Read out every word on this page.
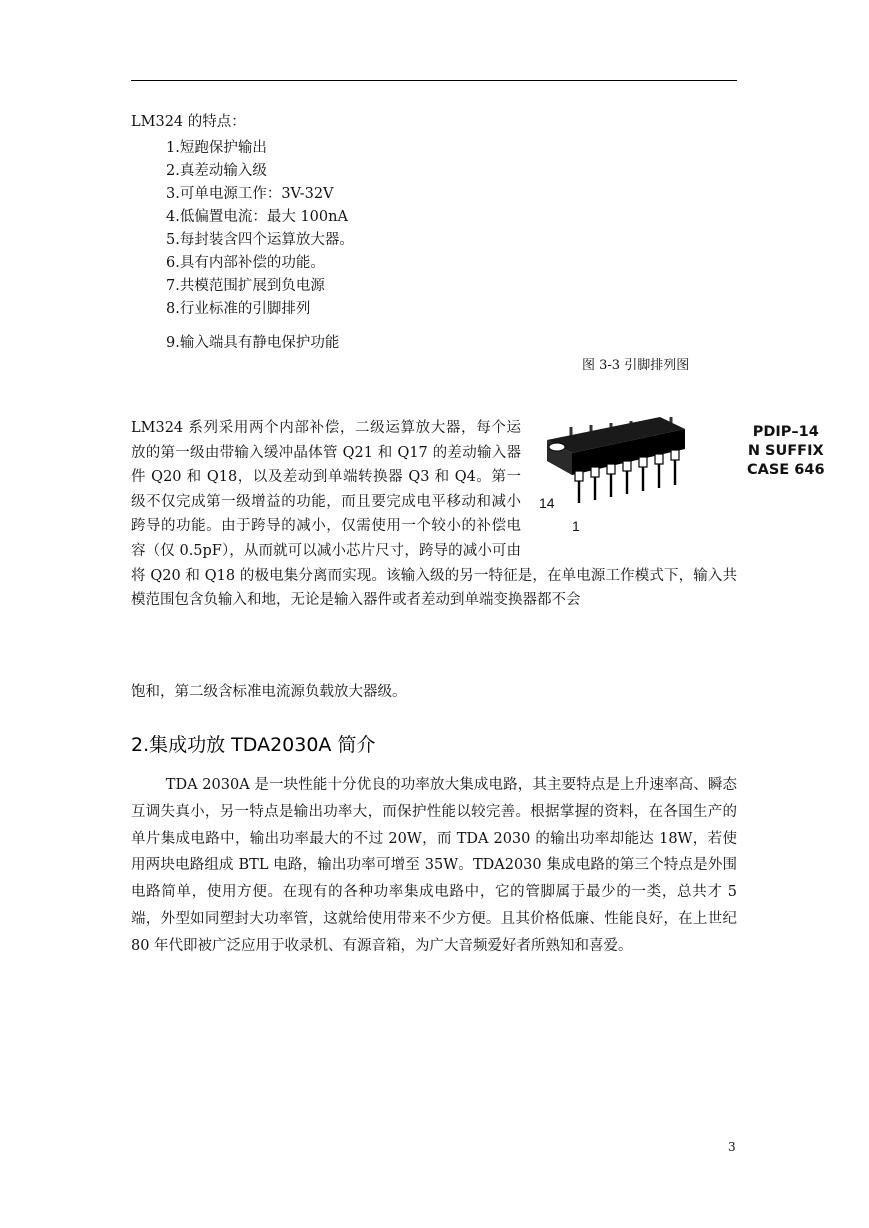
LM324 的特点：
1.短跑保护输出
2.真差动输入级
3.可单电源工作：3V-32V
4.低偏置电流：最大 100nA
5.每封装含四个运算放大器。
6.具有内部补偿的功能。
7.共模范围扩展到负电源
8.行业标准的引脚排列
9.输入端具有静电保护功能
图 3-3 引脚排列图

LM324 系列采用两个内部补偿，二级运算放大器，每个运放的第一级由带输入缓冲晶体管 Q21 和 Q17 的差动输入器件 Q20 和 Q18，以及差动到单端转换器 Q3 和 Q4。第一级不仅完成第一级增益的功能，而且要完成电平移动和减小跨导的功能。由于跨导的减小，仅需使用一个较小的补偿电容（仅 0.5pF），从而就可以减小芯片尺寸，跨导的减小可由将 Q20 和 Q18 的极电集分离而实现。该输入级的另一特征是，在单电源工作模式下，输入共模范围包含负输入和地，无论是输入器件或者差动到单端变换器都不会

14
1
PDIP–14
N SUFFIX
CASE 646

饱和，第二级含标准电流源负载放大器级。

2.集成功放 TDA2030A 简介

TDA 2030A 是一块性能十分优良的功率放大集成电路，其主要特点是上升速率高、瞬态互调失真小，另一特点是输出功率大，而保护性能以较完善。根据掌握的资料，在各国生产的单片集成电路中，输出功率最大的不过 20W，而 TDA 2030 的输出功率却能达 18W，若使用两块电路组成 BTL 电路，输出功率可增至 35W。TDA2030 集成电路的第三个特点是外围电路简单，使用方便。在现有的各种功率集成电路中，它的管脚属于最少的一类，总共才 5 端，外型如同塑封大功率管，这就给使用带来不少方便。且其价格低廉、性能良好，在上世纪 80 年代即被广泛应用于收录机、有源音箱，为广大音频爱好者所熟知和喜爱。

3
